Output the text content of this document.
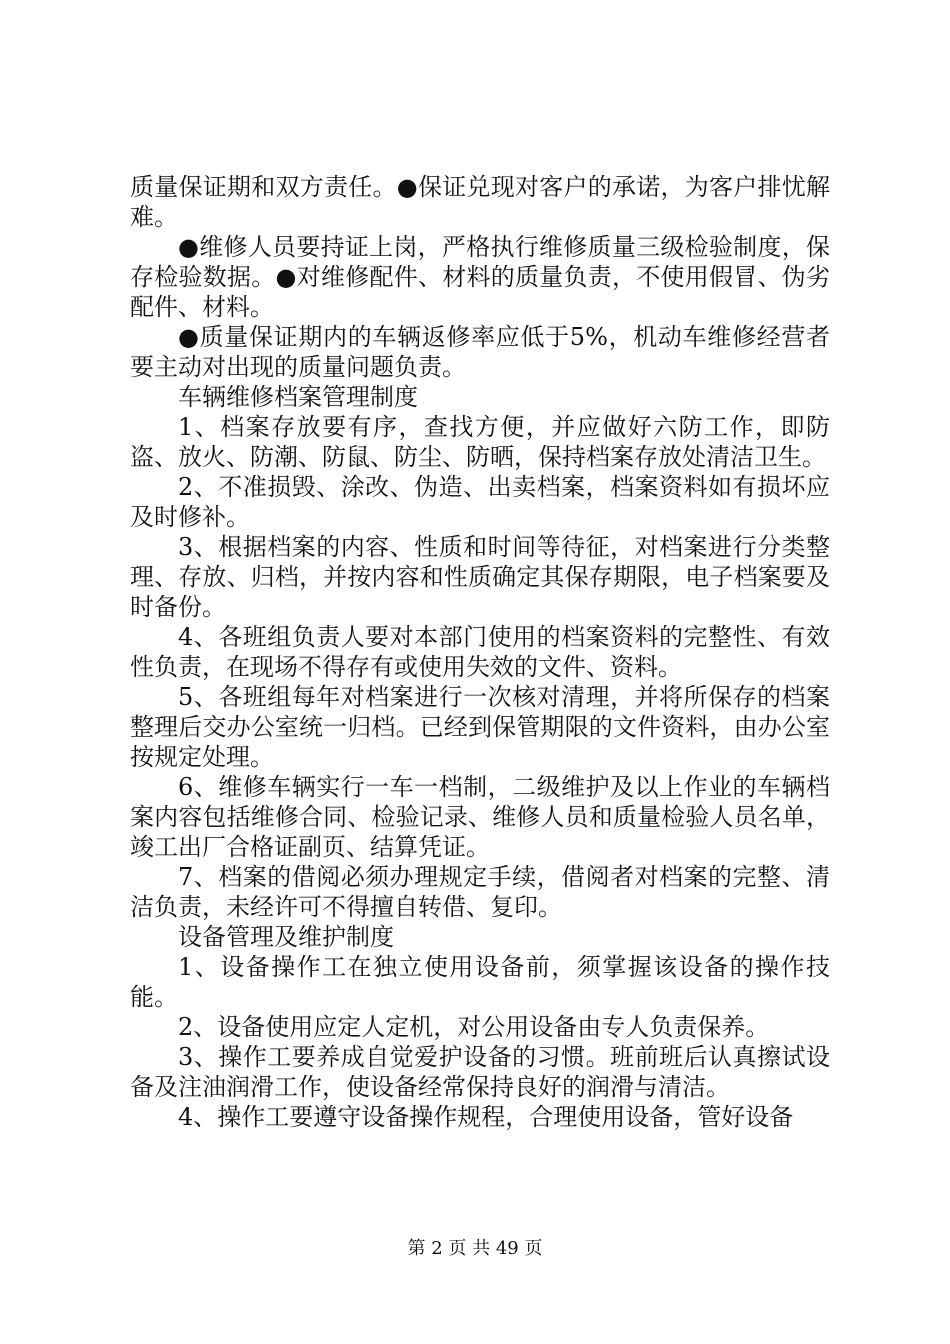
质量保证期和双方责任。●保证兑现对客户的承诺，为客户排忧解难。

●维修人员要持证上岗，严格执行维修质量三级检验制度，保存检验数据。●对维修配件、材料的质量负责，不使用假冒、伪劣配件、材料。

●质量保证期内的车辆返修率应低于5%，机动车维修经营者要主动对出现的质量问题负责。

车辆维修档案管理制度

1、档案存放要有序，查找方便，并应做好六防工作，即防盗、放火、防潮、防鼠、防尘、防晒，保持档案存放处清洁卫生。

2、不准损毁、涂改、伪造、出卖档案，档案资料如有损坏应及时修补。

3、根据档案的内容、性质和时间等待征，对档案进行分类整理、存放、归档，并按内容和性质确定其保存期限，电子档案要及时备份。

4、各班组负责人要对本部门使用的档案资料的完整性、有效性负责，在现场不得存有或使用失效的文件、资料。

5、各班组每年对档案进行一次核对清理，并将所保存的档案整理后交办公室统一归档。已经到保管期限的文件资料，由办公室按规定处理。

6、维修车辆实行一车一档制，二级维护及以上作业的车辆档案内容包括维修合同、检验记录、维修人员和质量检验人员名单，竣工出厂合格证副页、结算凭证。

7、档案的借阅必须办理规定手续，借阅者对档案的完整、清洁负责，未经许可不得擅自转借、复印。

设备管理及维护制度

1、设备操作工在独立使用设备前，须掌握该设备的操作技能。

2、设备使用应定人定机，对公用设备由专人负责保养。

3、操作工要养成自觉爱护设备的习惯。班前班后认真擦试设备及注油润滑工作，使设备经常保持良好的润滑与清洁。

4、操作工要遵守设备操作规程，合理使用设备，管好设备

第 2 页 共 49 页
